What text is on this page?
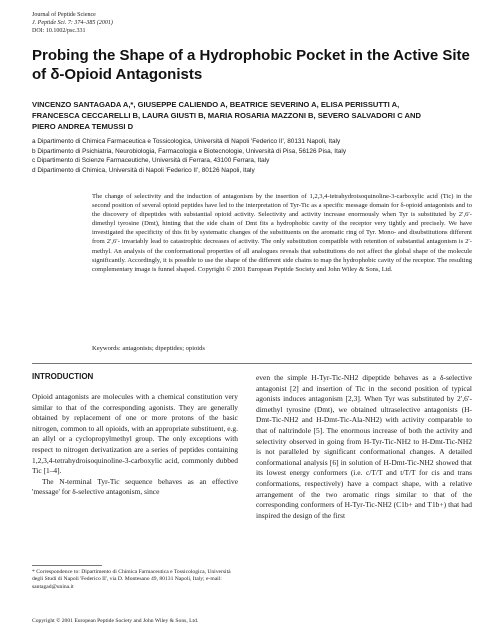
Journal of Peptide Science
J. Peptide Sci. 7: 374–385 (2001)
DOI: 10.1002/psc.331
Probing the Shape of a Hydrophobic Pocket in the Active Site of δ-Opioid Antagonists
VINCENZO SANTAGADA A,*, GIUSEPPE CALIENDO A, BEATRICE SEVERINO A, ELISA PERISSUTTI A,
FRANCESCA CECCARELLI B, LAURA GIUSTI B, MARIA ROSARIA MAZZONI B, SEVERO SALVADORI C AND
PIERO ANDREA TEMUSSI D
a Dipartimento di Chimica Farmaceutica e Tossicologica, Università di Napoli 'Federico II', 80131 Napoli, Italy
b Dipartimento di Psichiatria, Neurobiologia, Farmacologia e Biotecnologie, Università di Pisa, 56126 Pisa, Italy
c Dipartimento di Scienze Farmaceutiche, Università di Ferrara, 43100 Ferrara, Italy
d Dipartimento di Chimica, Università di Napoli 'Federico II', 80126 Napoli, Italy
The change of selectivity and the induction of antagonism by the insertion of 1,2,3,4-tetrahydroisoquinoline-3-carboxylic acid (Tic) in the second position of several opioid peptides have led to the interpretation of Tyr-Tic as a specific message domain for δ-opioid antagonists and to the discovery of dipeptides with substantial opioid activity. Selectivity and activity increase enormously when Tyr is substituted by 2′,6′-dimethyl tyrosine (Dmt), hinting that the side chain of Dmt fits a hydrophobic cavity of the receptor very tightly and precisely. We have investigated the specificity of this fit by systematic changes of the substituents on the aromatic ring of Tyr. Mono- and disubstitutions different from 2′,6′- invariably lead to catastrophic decreases of activity. The only substitution compatible with retention of substantial antagonism is 2′-methyl. An analysis of the conformational properties of all analogues reveals that substitutions do not affect the global shape of the molecule significantly. Accordingly, it is possible to use the shape of the different side chains to map the hydrophobic cavity of the receptor. The resulting complementary image is funnel shaped. Copyright © 2001 European Peptide Society and John Wiley & Sons, Ltd.
Keywords: antagonists; dipeptides; opioids
INTRODUCTION

Opioid antagonists are molecules with a chemical constitution very similar to that of the corresponding agonists. They are generally obtained by replacement of one or more protons of the basic nitrogen, common to all opioids, with an appropriate substituent, e.g. an allyl or a cyclopropylmethyl group. The only exceptions with respect to nitrogen derivatization are a series of peptides containing 1,2,3,4-tetrahydroisoquinoline-3-carboxylic acid, commonly dubbed Tic [1–4].

The N-terminal Tyr-Tic sequence behaves as an effective 'message' for δ-selective antagonism, since

even the simple H-Tyr-Tic-NH2 dipeptide behaves as a δ-selective antagonist [2] and insertion of Tic in the second position of typical agonists induces antagonism [2,3]. When Tyr was substituted by 2′,6′-dimethyl tyrosine (Dmt), we obtained ultraselective antagonists (H-Dmt-Tic-NH2 and H-Dmt-Tic-Ala-NH2) with activity comparable to that of naltrindole [5]. The enormous increase of both the activity and selectivity observed in going from H-Tyr-Tic-NH2 to H-Dmt-Tic-NH2 is not paralleled by significant conformational changes. A detailed conformational analysis [6] in solution of H-Dmt-Tic-NH2 showed that its lowest energy conformers (i.e. c/T/T and t/T/T for cis and trans conformations, respectively) have a compact shape, with a relative arrangement of the two aromatic rings similar to that of the corresponding conformers of H-Tyr-Tic-NH2 (C1b+ and T1b+) that had inspired the design of the first

* Correspondence to: Dipartimento di Chimica Farmaceutica e Tossicologica, Università degli Studi di Napoli 'Federico II', via D. Montesano 49, 80131 Napoli, Italy; e-mail: santagad@unina.it
Copyright © 2001 European Peptide Society and John Wiley & Sons, Ltd.
